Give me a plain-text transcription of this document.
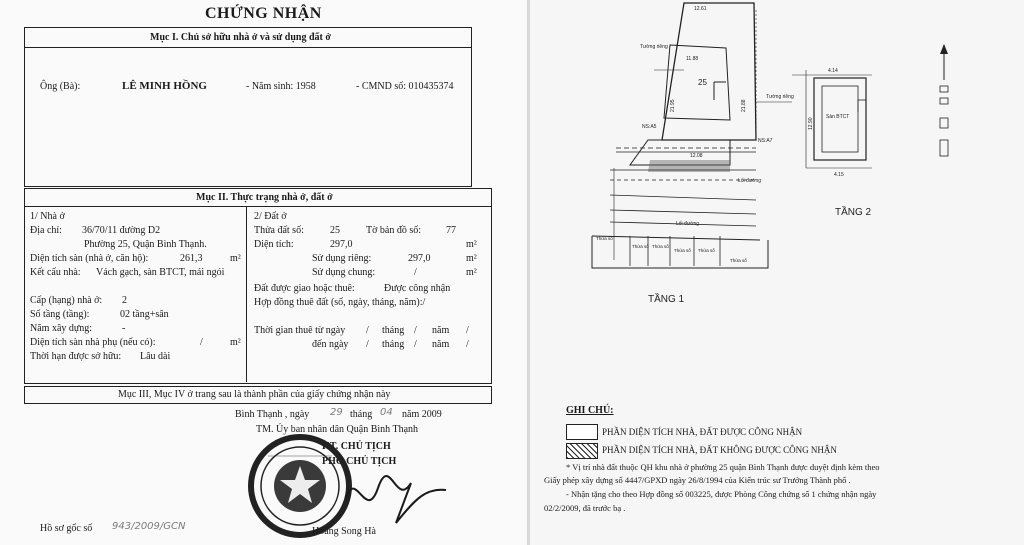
CHỨNG NHẬN
Mục I. Chủ sở hữu nhà ở và sử dụng đất ở
Ông (Bà):	LÊ MINH HỒNG	- Năm sinh: 1958	- CMND số: 010435374
Mục II. Thực trạng nhà ở, đất ở
1/ Nhà ở
Địa chỉ: 36/70/11 đường D2
Phường 25, Quận Bình Thạnh.
Diện tích sàn (nhà ở, căn hộ):	261,3	m²
Kết cấu nhà: Vách gạch, sàn BTCT, mái ngói
Cấp (hạng) nhà ở: 2
Số tầng (tầng):	02 tầng+sân
Năm xây dựng:	-
Diện tích sàn nhà phụ (nếu có):	/	m²
Thời hạn được sở hữu: Lâu dài
2/ Đất ở
Thửa đất số:	25	Tờ bản đồ số: 77
Diện tích:	297,0	m²
Sử dụng riêng:	297,0	m²
Sử dụng chung:	/	m²
Đất được giao hoặc thuê:	Được công nhận
Hợp đồng thuê đất (số, ngày, tháng, năm):/
Thời gian thuê từ ngày / tháng / năm /
đến ngày / tháng / năm /
Mục III, Mục IV ở trang sau là thành phần của giấy chứng nhận này
Bình Thạnh , ngày 29 tháng 04 năm 2009
TM. Ủy ban nhân dân Quận Bình Thạnh
KT. CHỦ TỊCH
PHÓ CHỦ TỊCH
Hoàng Song Hà
Hồ sơ gốc số 943/2009/GCN
12.61
21.95	21.88
11.88
12.08
25
Tường riêng
Tường riêng
NS:A5
NS:A7
Lối đường
Lối đường
Thửa số
Thửa số Thửa số
Thửa số Thửa số
Thửa số
TẦNG 1
4.14
12.90
4.15
Sàn BTCT
TẦNG 2
GHI CHÚ:
PHẦN DIỆN TÍCH NHÀ, ĐẤT ĐƯỢC CÔNG NHẬN
PHẦN DIỆN TÍCH NHÀ, ĐẤT KHÔNG ĐƯỢC CÔNG NHẬN
* Vị trí nhà đất thuộc QH khu nhà ở phường 25 quận Bình Thạnh được duyệt định kèm theo
Giấy phép xây dựng số 4447/GPXD ngày 26/8/1994 của Kiến trúc sư Trưởng Thành phố .
- Nhận tặng cho theo Hợp đồng số 003225, được Phòng Công chứng số 1 chứng nhận ngày
02/2/2009, đã trước bạ .
